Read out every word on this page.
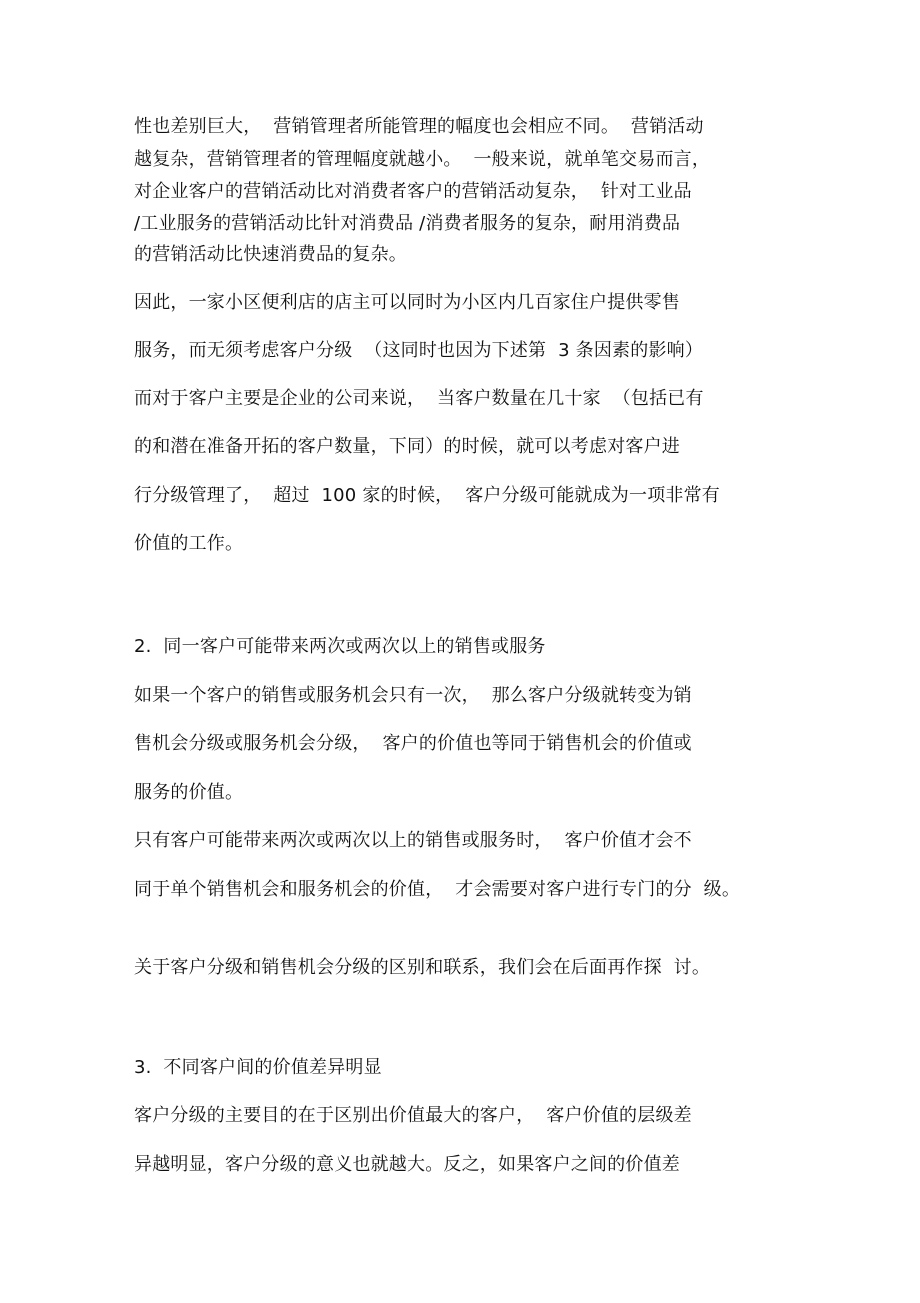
性也差别巨大，  营销管理者所能管理的幅度也会相应不同。  营销活动
越复杂，营销管理者的管理幅度就越小。  一般来说，就单笔交易而言，
对企业客户的营销活动比对消费者客户的营销活动复杂，  针对工业品
/工业服务的营销活动比针对消费品 /消费者服务的复杂，耐用消费品
的营销活动比快速消费品的复杂。
因此，一家小区便利店的店主可以同时为小区内几百家住户提供零售
服务，而无须考虑客户分级  （这同时也因为下述第  3 条因素的影响）
而对于客户主要是企业的公司来说，  当客户数量在几十家  （包括已有
的和潜在准备开拓的客户数量，下同）的时候，就可以考虑对客户进
行分级管理了，  超过  100 家的时候，  客户分级可能就成为一项非常有
价值的工作。
2.  同一客户可能带来两次或两次以上的销售或服务
如果一个客户的销售或服务机会只有一次，  那么客户分级就转变为销
售机会分级或服务机会分级，  客户的价值也等同于销售机会的价值或
服务的价值。
只有客户可能带来两次或两次以上的销售或服务时，  客户价值才会不
同于单个销售机会和服务机会的价值，  才会需要对客户进行专门的分  级。
关于客户分级和销售机会分级的区别和联系，我们会在后面再作探  讨。
3.  不同客户间的价值差异明显
客户分级的主要目的在于区别出价值最大的客户，  客户价值的层级差
异越明显，客户分级的意义也就越大。反之，如果客户之间的价值差
